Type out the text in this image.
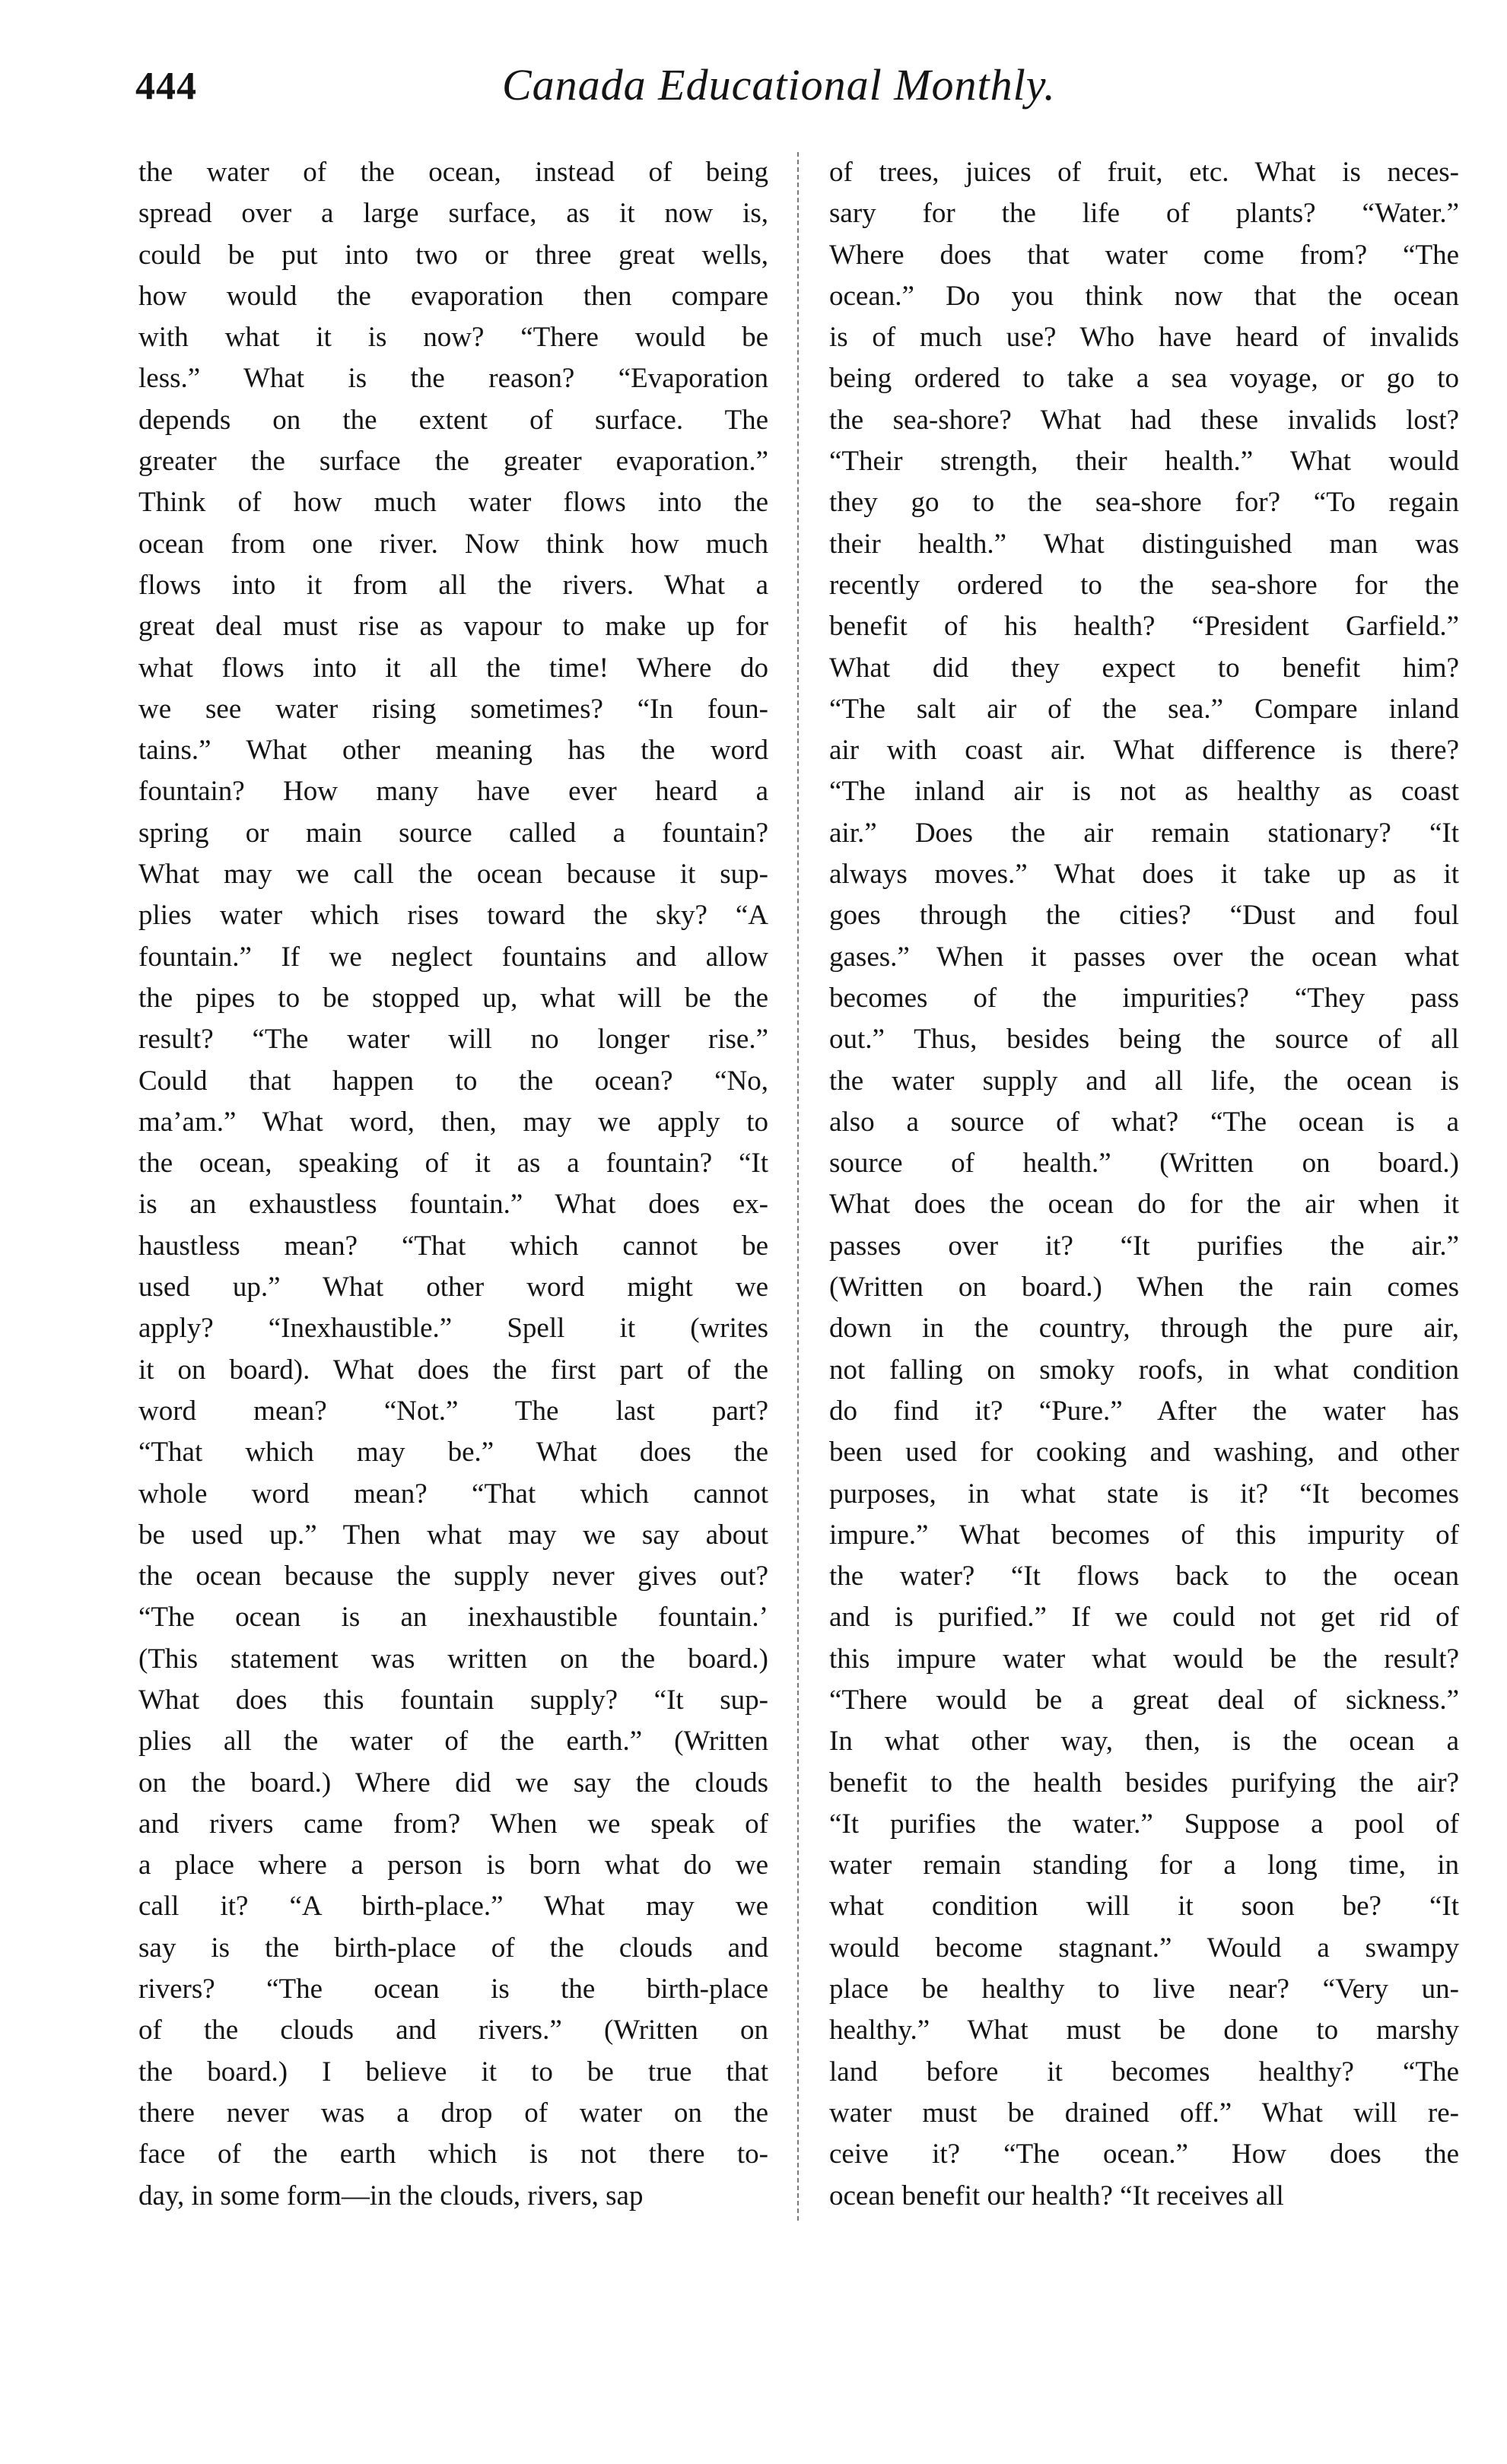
444	Canada Educational Monthly.
the water of the ocean, instead of being
spread over a large surface, as it now is,
could be put into two or three great wells,
how would the evaporation then compare
with what it is now? “There would be
less.” What is the reason? “Evaporation
depends on the extent of surface. The
greater the surface the greater evaporation.”
Think of how much water flows into the
ocean from one river. Now think how much
flows into it from all the rivers. What a
great deal must rise as vapour to make up for
what flows into it all the time! Where do
we see water rising sometimes? “In foun-
tains.” What other meaning has the word
fountain? How many have ever heard a
spring or main source called a fountain?
What may we call the ocean because it sup-
plies water which rises toward the sky? “A
fountain.” If we neglect fountains and allow
the pipes to be stopped up, what will be the
result? “The water will no longer rise.”
Could that happen to the ocean? “No,
ma’am.” What word, then, may we apply to
the ocean, speaking of it as a fountain? “It
is an exhaustless fountain.” What does ex-
haustless mean? “That which cannot be
used up.” What other word might we
apply? “Inexhaustible.” Spell it (writes
it on board). What does the first part of the
word mean? “Not.” The last part?
“That which may be.” What does the
whole word mean? “That which cannot
be used up.” Then what may we say about
the ocean because the supply never gives out?
“The ocean is an inexhaustible fountain.’
(This statement was written on the board.)
What does this fountain supply? “It sup-
plies all the water of the earth.” (Written
on the board.) Where did we say the clouds
and rivers came from? When we speak of
a place where a person is born what do we
call it? “A birth-place.” What may we
say is the birth-place of the clouds and
rivers? “The ocean is the birth-place
of the clouds and rivers.” (Written on
the board.) I believe it to be true that
there never was a drop of water on the
face of the earth which is not there to-
day, in some form—in the clouds, rivers, sap
of trees, juices of fruit, etc. What is neces-
sary for the life of plants? “Water.”
Where does that water come from? “The
ocean.” Do you think now that the ocean
is of much use? Who have heard of invalids
being ordered to take a sea voyage, or go to
the sea-shore? What had these invalids lost?
“Their strength, their health.” What would
they go to the sea-shore for? “To regain
their health.” What distinguished man was
recently ordered to the sea-shore for the
benefit of his health? “President Garfield.”
What did they expect to benefit him?
“The salt air of the sea.” Compare inland
air with coast air. What difference is there?
“The inland air is not as healthy as coast
air.” Does the air remain stationary? “It
always moves.” What does it take up as it
goes through the cities? “Dust and foul
gases.” When it passes over the ocean what
becomes of the impurities? “They pass
out.” Thus, besides being the source of all
the water supply and all life, the ocean is
also a source of what? “The ocean is a
source of health.” (Written on board.)
What does the ocean do for the air when it
passes over it? “It purifies the air.”
(Written on board.) When the rain comes
down in the country, through the pure air,
not falling on smoky roofs, in what condition
do find it? “Pure.” After the water has
been used for cooking and washing, and other
purposes, in what state is it? “It becomes
impure.” What becomes of this impurity of
the water? “It flows back to the ocean
and is purified.” If we could not get rid of
this impure water what would be the result?
“There would be a great deal of sickness.”
In what other way, then, is the ocean a
benefit to the health besides purifying the air?
“It purifies the water.” Suppose a pool of
water remain standing for a long time, in
what condition will it soon be? “It
would become stagnant.” Would a swampy
place be healthy to live near? “Very un-
healthy.” What must be done to marshy
land before it becomes healthy? “The
water must be drained off.” What will re-
ceive it? “The ocean.” How does the
ocean benefit our health? “It receives all
